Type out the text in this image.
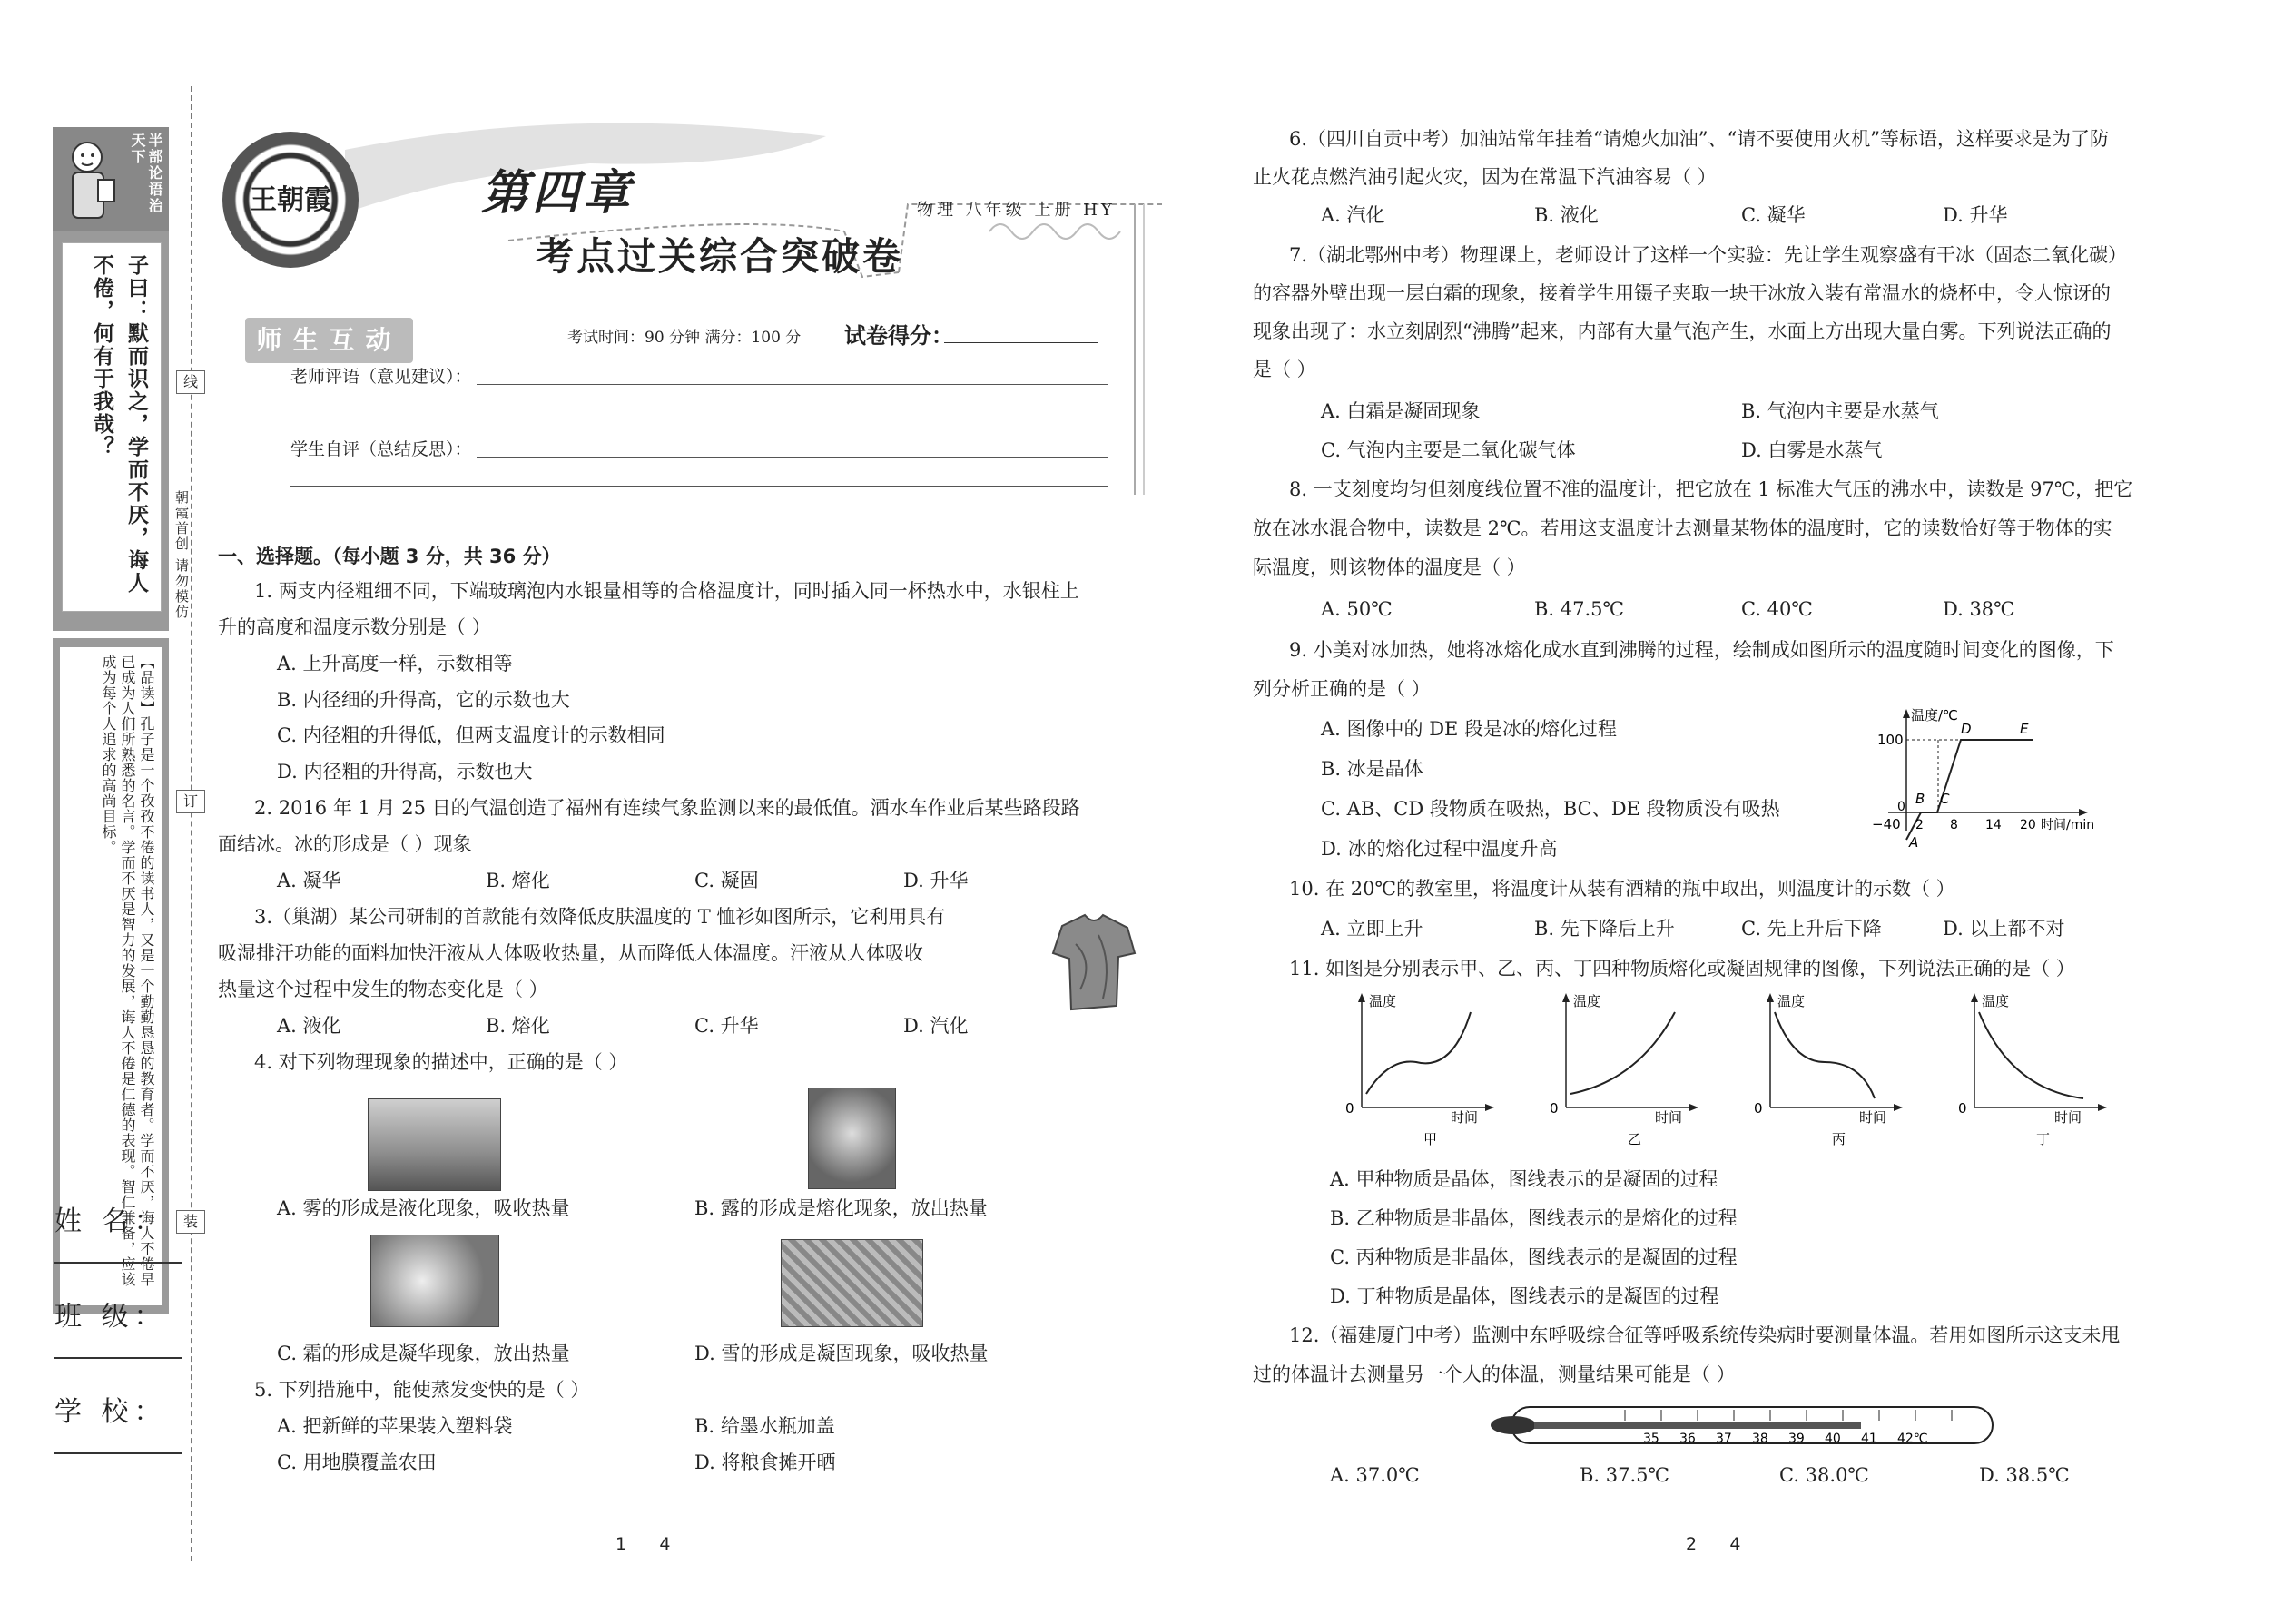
半部论语治天下
子曰：默而识之，学而不厌，诲人不倦，何有于我哉？
【品读】孔子是一个孜孜不倦的读书人，又是一个勤勤恳恳的教育者。学而不厌，诲人不倦早已成为人们所熟悉的名言。学而不厌是智力的发展，诲人不倦是仁德的表现。智仁兼备，应该成为每个人追求的高尚目标。
姓 名：
班 级：
学 校：
线
订
装
朝霞首创 请勿模仿
王朝霞	第四章
考点过关综合突破卷
物理 八年级 上册 HY
师生互动	考试时间：90 分钟 满分：100 分 试卷得分：
老师评语（意见建议）：
学生自评（总结反思）：
一、选择题。（每小题 3 分，共 36 分）
1. 两支内径粗细不同，下端玻璃泡内水银量相等的合格温度计，同时插入同一杯热水中，水银柱上
升的高度和温度示数分别是（ ）
A. 上升高度一样，示数相等
B. 内径细的升得高，它的示数也大
C. 内径粗的升得低，但两支温度计的示数相同
D. 内径粗的升得高，示数也大
2. 2016 年 1 月 25 日的气温创造了福州有连续气象监测以来的最低值。洒水车作业后某些路段路
面结冰。冰的形成是（ ）现象
A. 凝华	B. 熔化	C. 凝固	D. 升华
3.（巢湖）某公司研制的首款能有效降低皮肤温度的 T 恤衫如图所示，它利用具有
吸湿排汗功能的面料加快汗液从人体吸收热量，从而降低人体温度。汗液从人体吸收
热量这个过程中发生的物态变化是（ ）
A. 液化	B. 熔化	C. 升华	D. 汽化
4. 对下列物理现象的描述中，正确的是（ ）
A. 雾的形成是液化现象，吸收热量	B. 露的形成是熔化现象，放出热量
C. 霜的形成是凝华现象，放出热量	D. 雪的形成是凝固现象，吸收热量
5. 下列措施中，能使蒸发变快的是（ ）
A. 把新鲜的苹果装入塑料袋	B. 给墨水瓶加盖
C. 用地膜覆盖农田	D. 将粮食摊开晒
1      4
6.（四川自贡中考）加油站常年挂着“请熄火加油”、“请不要使用火机”等标语，这样要求是为了防
止火花点燃汽油引起火灾，因为在常温下汽油容易（ ）
A. 汽化	B. 液化	C. 凝华	D. 升华
7.（湖北鄂州中考）物理课上，老师设计了这样一个实验：先让学生观察盛有干冰（固态二氧化碳）
的容器外壁出现一层白霜的现象，接着学生用镊子夹取一块干冰放入装有常温水的烧杯中，令人惊讶的
现象出现了：水立刻剧烈“沸腾”起来，内部有大量气泡产生，水面上方出现大量白雾。下列说法正确的
是（ ）
A. 白霜是凝固现象	B. 气泡内主要是水蒸气
C. 气泡内主要是二氧化碳气体	D. 白雾是水蒸气
8. 一支刻度均匀但刻度线位置不准的温度计，把它放在 1 标准大气压的沸水中，读数是 97℃，把它
放在冰水混合物中，读数是 2℃。若用这支温度计去测量某物体的温度时，它的读数恰好等于物体的实
际温度，则该物体的温度是（ ）
A. 50℃	B. 47.5℃	C. 40℃	D. 38℃
9. 小美对冰加热，她将冰熔化成水直到沸腾的过程，绘制成如图所示的温度随时间变化的图像，下
列分析正确的是（ ）
A. 图像中的 DE 段是冰的熔化过程
B. 冰是晶体
C. AB、CD 段物质在吸热，BC、DE 段物质没有吸热
D. 冰的熔化过程中温度升高
温度/℃
100
−40
0
2 8 14 20 时间/min
A
B C
D	E
10. 在 20℃的教室里，将温度计从装有酒精的瓶中取出，则温度计的示数（ ）
A. 立即上升	B. 先下降后上升	C. 先上升后下降	D. 以上都不对
11. 如图是分别表示甲、乙、丙、丁四种物质熔化或凝固规律的图像，下列说法正确的是（ ）
温度
0
时间
甲
温度
0
时间
乙
温度
0
时间
丙
温度
0
时间
丁
A. 甲种物质是晶体，图线表示的是凝固的过程
B. 乙种物质是非晶体，图线表示的是熔化的过程
C. 丙种物质是非晶体，图线表示的是凝固的过程
D. 丁种物质是晶体，图线表示的是凝固的过程
12.（福建厦门中考）监测中东呼吸综合征等呼吸系统传染病时要测量体温。若用如图所示这支未甩
过的体温计去测量另一个人的体温，测量结果可能是（ ）
35 36 37 38 39 40 41 42℃
A. 37.0℃	B. 37.5℃	C. 38.0℃	D. 38.5℃
2      4
